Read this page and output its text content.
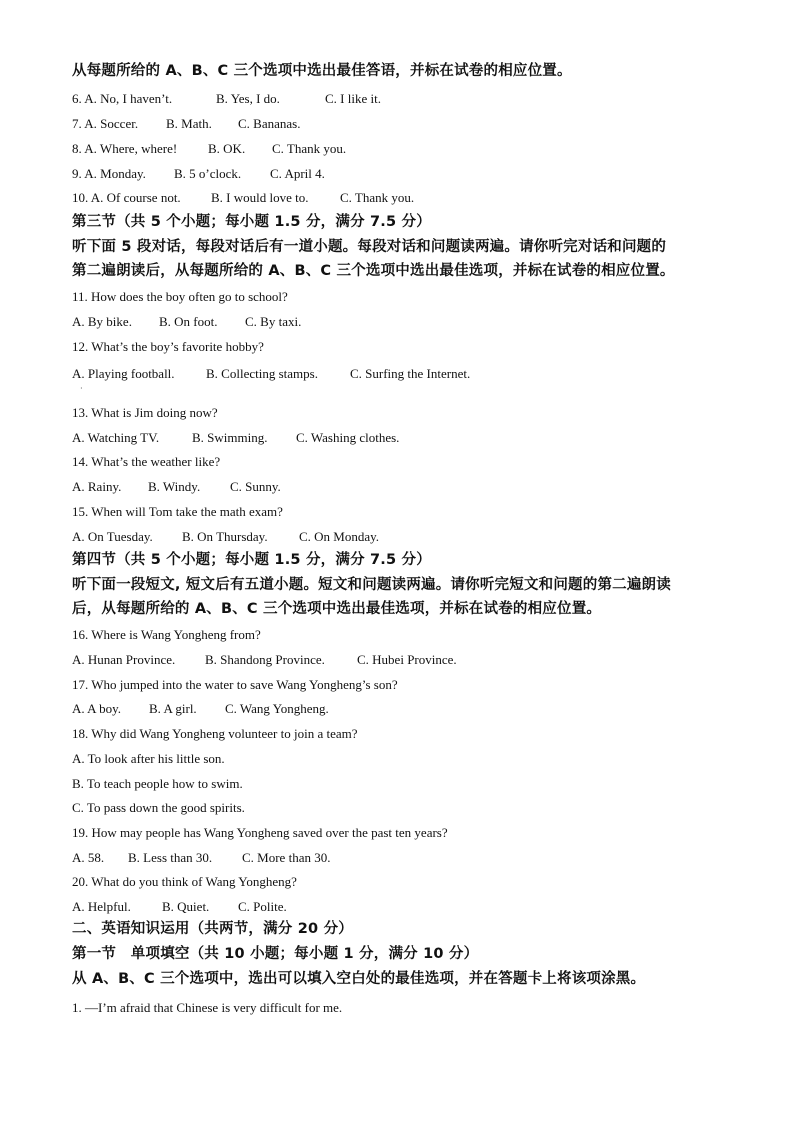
从每题所给的 A、B、C 三个选项中选出最佳答语，并标在试卷的相应位置。
6. A. No, I haven’t.	B. Yes, I do.	C. I like it.
7. A. Soccer. B. Math. C. Bananas.
8. A. Where, where! B. OK. C. Thank you.
9. A. Monday. B. 5 o’clock. C. April 4.
10. A. Of course not. B. I would love to. C. Thank you.
第三节（共 5 个小题；每小题 1.5 分，满分 7.5 分）
听下面 5 段对话，每段对话后有一道小题。每段对话和问题读两遍。请你听完对话和问题的
第二遍朗读后，从每题所给的 A、B、C 三个选项中选出最佳选项，并标在试卷的相应位置。
11. How does the boy often go to school?
A. By bike. B. On foot. C. By taxi.
12. What’s the boy’s favorite hobby?
A. Playing football. B. Collecting stamps. C. Surfing the Internet.
·
13. What is Jim doing now?
A. Watching TV.	B. Swimming. C. Washing clothes.
14. What’s the weather like?
A. Rainy. B. Windy. C. Sunny.
15. When will Tom take the math exam?
A. On Tuesday. B. On Thursday. C. On Monday.
第四节（共 5 个小题；每小题 1.5 分，满分 7.5 分）
听下面一段短文, 短文后有五道小题。短文和问题读两遍。请你听完短文和问题的第二遍朗读
后，从每题所给的 A、B、C 三个选项中选出最佳选项，并标在试卷的相应位置。
16. Where is Wang Yongheng from?
A. Hunan Province. B. Shandong Province. C. Hubei Province.
17. Who jumped into the water to save Wang Yongheng’s son?
A. A boy. B. A girl. C. Wang Yongheng.
18. Why did Wang Yongheng volunteer to join a team?
A. To look after his little son.
B. To teach people how to swim.
C. To pass down the good spirits.
19. How may people has Wang Yongheng saved over the past ten years?
A. 58. B. Less than 30. C. More than 30.
20. What do you think of Wang Yongheng?
A. Helpful. B. Quiet. C. Polite.
二、英语知识运用（共两节，满分 20 分）
第一节　单项填空（共 10 小题；每小题 1 分，满分 10 分）
从 A、B、C 三个选项中，选出可以填入空白处的最佳选项，并在答题卡上将该项涂黑。
1. —I’m afraid that Chinese is very difficult for me.
